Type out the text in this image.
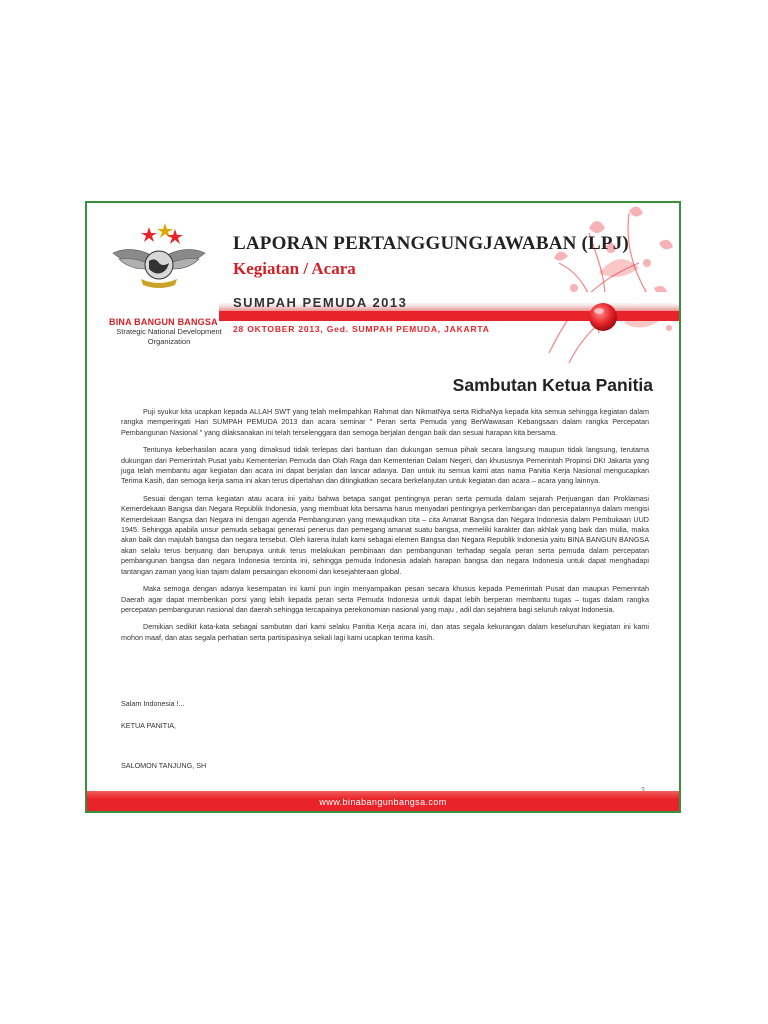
BINA BANGUN BANGSA
Strategic National Development
Organization
LAPORAN PERTANGGUNGJAWABAN (LPJ)
Kegiatan / Acara
SUMPAH PEMUDA 2013
28 OKTOBER 2013, Ged. SUMPAH PEMUDA, JAKARTA
Sambutan Ketua Panitia

Puji syukur kita ucapkan kepada ALLAH SWT yang telah melimpahkan Rahmat dan NikmatNya serta RidhaNya kepada kita semua sehingga kegiatan dalam rangka memperingati Hari SUMPAH PEMUDA 2013 dan acara seminar " Peran serta Pemuda yang BerWawasan Kebangsaan dalam rangka Percepatan Pembangunan Nasional " yang dilaksanakan ini telah terselenggara dan semoga berjalan dengan baik dan sesuai harapan kita bersama.

Tentunya keberhasilan acara yang dimaksud tidak terlepas dari bantuan dan dukungan semua pihak secara langsung maupun tidak langsung, terutama dukungan dari Pemerintah Pusat yaitu Kementerian Pemuda dan Olah Raga dan Kementerian Dalam Negeri, dan khususnya Pemerintah Propinsi DKI Jakarta yang juga telah membantu agar kegiatan dan acara ini dapat berjalan dan lancar adanya. Dan untuk itu semua kami atas nama Panitia Kerja Nasional mengucapkan Terima Kasih, dan semoga kerja sama ini akan terus dipertahan dan ditingkatkan secara berkelanjutan untuk kegiatan dan acara – acara yang lainnya.

Sesuai dengan tema kegiatan atau acara ini yaitu bahwa betapa sangat pentingnya peran serta pemuda dalam sejarah Perjuangan dan Proklamasi Kemerdekaan Bangsa dan Negara Republik Indonesia, yang membuat kita bersama harus menyadari pentingnya perkembangan dan percepatannya dalam mengisi Kemerdekaan Bangsa dan Negara ini dengan agenda Pembangunan yang mewujudkan cita – cita Amanat Bangsa dan Negara Indonesia dalam Pembukaan UUD 1945. Sehingga apabila unsur pemuda sebagai generasi penerus dan pemegang amanat suatu bangsa, memeliki karakter dan akhlak yang baik dan mulia, maka akan baik dan majulah bangsa dan negara tersebut. Oleh karena itulah kami sebagai elemen Bangsa dan Negara Republik Indonesia yaitu BINA BANGUN BANGSA akan selalu terus berjuang dan berupaya untuk terus melakukan pembinaan dan pembangunan terhadap segala peran serta pemuda dalam percepatan pembangunan bangsa dan negara Indonesia tercinta ini, sehingga pemuda Indonesia adalah harapan bangsa dan negara Indonesia untuk dapat menghadapi tantangan zaman yang kian tajam dalam persaingan ekonomi dan kesejahteraan global.

Maka semoga dengan adanya kesempatan ini kami pun ingin menyampaikan pesan secara khusus kepada Pemerintah Pusat dan maupun Pemerintah Daerah agar dapat memberikan porsi yang lebih kepada peran serta Pemuda Indonesia untuk dapat lebih berperan membantu tugas – tugas dalam rangka percepatan pembangunan nasional dan daerah sehingga tercapainya perekonomian nasional yang maju , adil dan sejahtera bagi seluruh rakyat Indonesia.

Demikian sedikit kata-kata sebagai sambutan dari kami selaku Panitia Kerja acara ini, dan atas segala kekurangan dalam keseluruhan kegiatan ini kami mohon maaf, dan atas segala perhatian serta partisipasinya sekali lagi kami ucapkan terima kasih.

Salam Indonesia !...
KETUA PANITIA,
SALOMON TANJUNG, SH
www.binabangunbangsa.com
